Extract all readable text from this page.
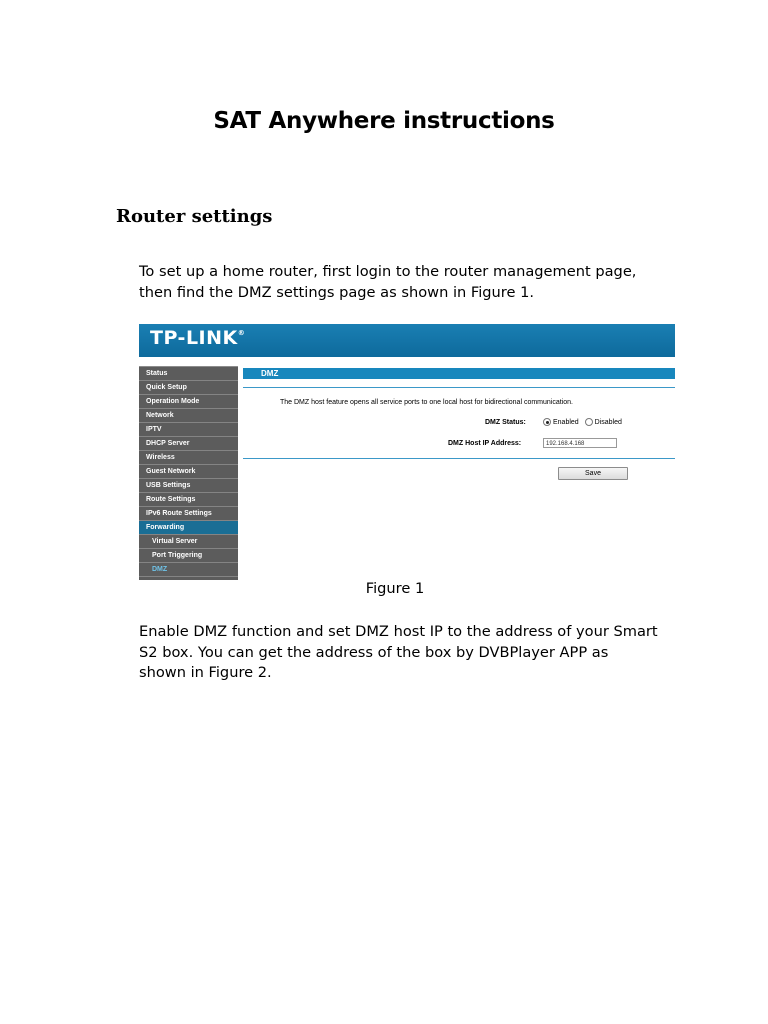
SAT Anywhere instructions
Router settings

To set up a home router, first login to the router management page, then find the DMZ settings page as shown in Figure 1.

TP-LINK®
Status
Quick Setup
Operation Mode
Network
IPTV
DHCP Server
Wireless
Guest Network
USB Settings
Route Settings
IPv6 Route Settings
Forwarding
Virtual Server
Port Triggering
DMZ
DMZ
The DMZ host feature opens all service ports to one local host for bidirectional communication.
DMZ Status:	Enabled Disabled
DMZ Host IP Address:	192.168.4.168
Save
Figure 1

Enable DMZ function and set DMZ host IP to the address of your Smart S2 box. You can get the address of the box by DVBPlayer APP as shown in Figure 2.
